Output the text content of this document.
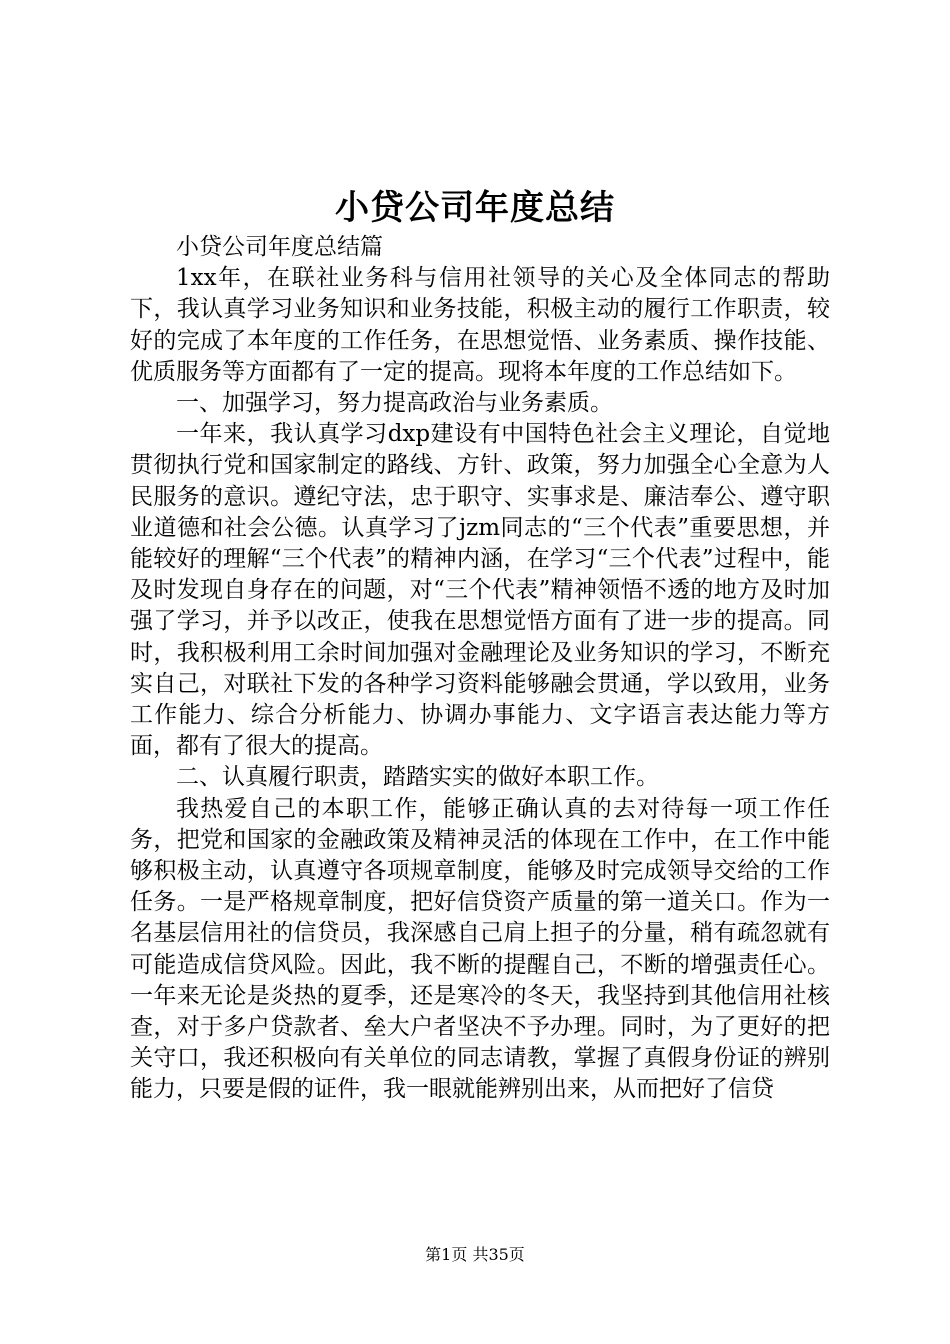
小贷公司年度总结

小贷公司年度总结篇

1xx年，在联社业务科与信用社领导的关心及全体同志的帮助下，我认真学习业务知识和业务技能，积极主动的履行工作职责，较好的完成了本年度的工作任务，在思想觉悟、业务素质、操作技能、优质服务等方面都有了一定的提高。现将本年度的工作总结如下。

一、加强学习，努力提高政治与业务素质。

一年来，我认真学习dxp建设有中国特色社会主义理论，自觉地贯彻执行党和国家制定的路线、方针、政策，努力加强全心全意为人民服务的意识。遵纪守法，忠于职守、实事求是、廉洁奉公、遵守职业道德和社会公德。认真学习了jzm同志的“三个代表”重要思想，并能较好的理解“三个代表”的精神内涵，在学习“三个代表”过程中，能及时发现自身存在的问题，对“三个代表”精神领悟不透的地方及时加强了学习，并予以改正，使我在思想觉悟方面有了进一步的提高。同时，我积极利用工余时间加强对金融理论及业务知识的学习，不断充实自己，对联社下发的各种学习资料能够融会贯通，学以致用，业务工作能力、综合分析能力、协调办事能力、文字语言表达能力等方面，都有了很大的提高。

二、认真履行职责，踏踏实实的做好本职工作。

我热爱自己的本职工作，能够正确认真的去对待每一项工作任务，把党和国家的金融政策及精神灵活的体现在工作中，在工作中能够积极主动，认真遵守各项规章制度，能够及时完成领导交给的工作任务。一是严格规章制度，把好信贷资产质量的第一道关口。作为一名基层信用社的信贷员，我深感自己肩上担子的分量，稍有疏忽就有可能造成信贷风险。因此，我不断的提醒自己，不断的增强责任心。一年来无论是炎热的夏季，还是寒冷的冬天，我坚持到其他信用社核查，对于多户贷款者、垒大户者坚决不予办理。同时，为了更好的把关守口，我还积极向有关单位的同志请教，掌握了真假身份证的辨别能力，只要是假的证件，我一眼就能辨别出来，从而把好了信贷

第1页 共35页
